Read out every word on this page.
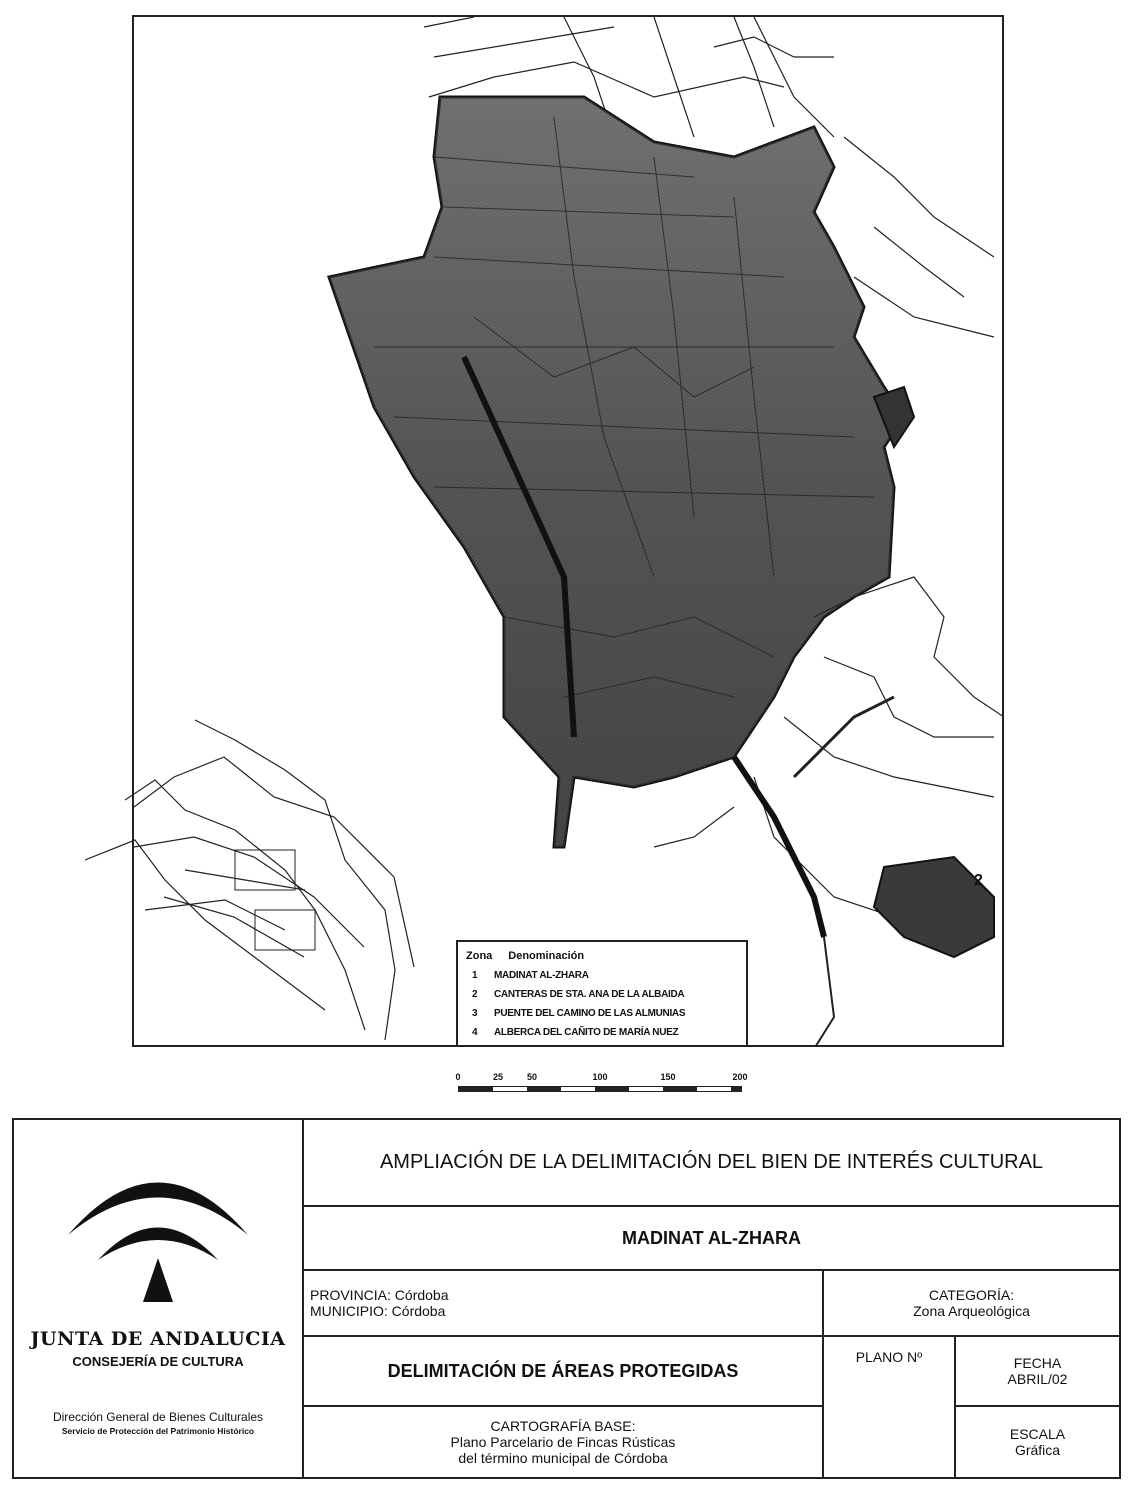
2
Zona Denominación
1	MADINAT AL-ZHARA
2	CANTERAS DE STA. ANA DE LA ALBAIDA
3	PUENTE DEL CAMINO DE LAS ALMUNIAS
4	ALBERCA DEL CAÑITO DE MARÍA NUEZ
0	25	50	100	150	200
JUNTA DE ANDALUCIA
CONSEJERÍA DE CULTURA
Dirección General de Bienes Culturales
Servicio de Protección del Patrimonio Histórico
AMPLIACIÓN DE LA DELIMITACIÓN DEL BIEN DE INTERÉS CULTURAL
MADINAT AL-ZHARA
PROVINCIA: Córdoba
MUNICIPIO: Córdoba
CATEGORÍA:
Zona Arqueológica
DELIMITACIÓN DE ÁREAS PROTEGIDAS
PLANO Nº	FECHA
ABRIL/02
CARTOGRAFÍA BASE:
Plano Parcelario de Fincas Rústicas
del término municipal de Córdoba
ESCALA
Gráfica
